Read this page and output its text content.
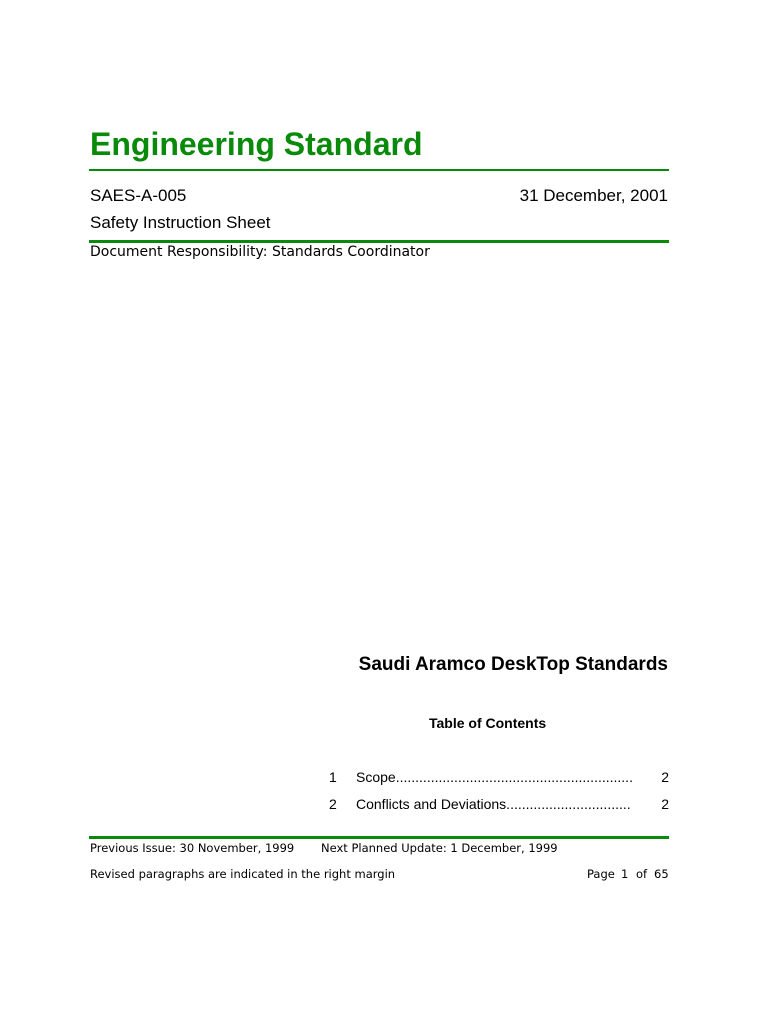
Engineering Standard
SAES-A-005	31 December, 2001
Safety Instruction Sheet
Document Responsibility: Standards Coordinator
Saudi Aramco DeskTop Standards
Table of Contents
1 Scope............................................................. 2
2 Conflicts and Deviations................................ 2
Previous Issue: 30 November, 1999 Next Planned Update: 1 December, 1999
Revised paragraphs are indicated in the right margin	Page 1 of 65
